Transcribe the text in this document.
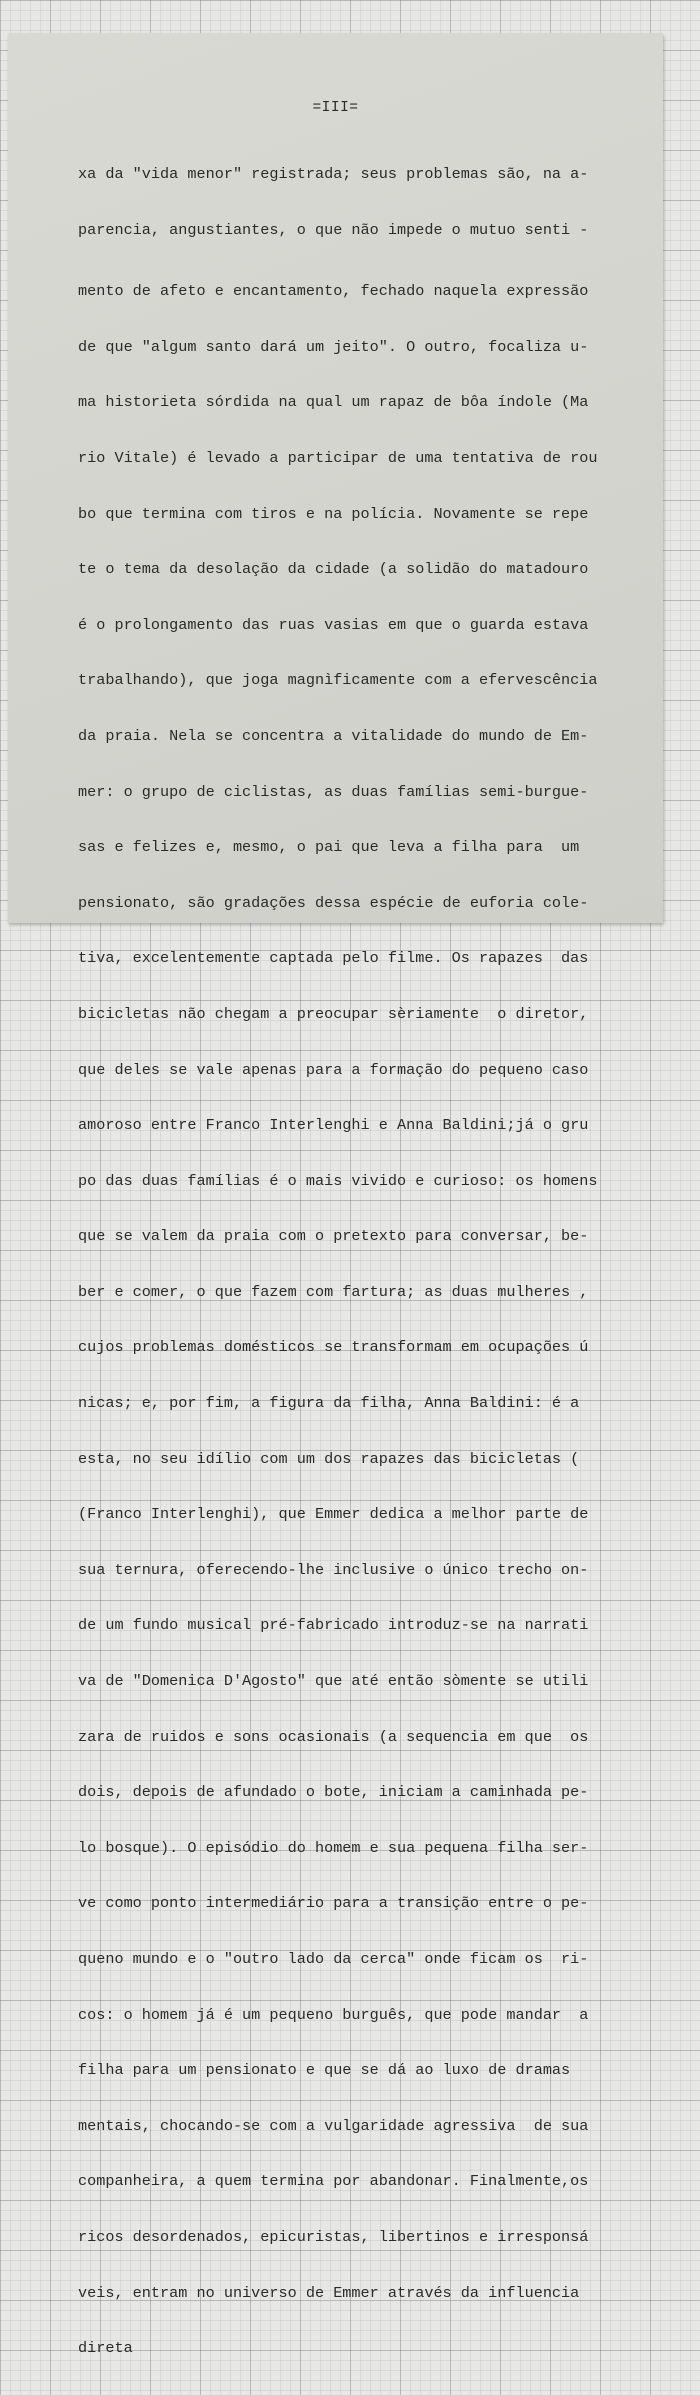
=III=

xa da "vida menor" registrada; seus problemas são, na a-

parencia, angustiantes, o que não impede o mutuo senti -

mento de afeto e encantamento, fechado naquela expressão

de que "algum santo dará um jeito". O outro, focaliza u-

ma historieta sórdida na qual um rapaz de bôa índole (Ma

rio Vitale) é levado a participar de uma tentativa de rou

bo que termina com tiros e na polícia. Novamente se repe

te o tema da desolação da cidade (a solidão do matadouro

é o prolongamento das ruas vasias em que o guarda estava

trabalhando), que joga magnìficamente com a efervescência

da praia. Nela se concentra a vitalidade do mundo de Em-

mer: o grupo de ciclistas, as duas famílias semi-burgue-

sas e felizes e, mesmo, o pai que leva a filha para  um

pensionato, são gradações dessa espécie de euforia cole-

tiva, excelentemente captada pelo filme. Os rapazes  das

bicicletas não chegam a preocupar sèriamente  o diretor,

que deles se vale apenas para a formação do pequeno caso

amoroso entre Franco Interlenghi e Anna Baldini;já o gru

po das duas famílias é o mais vivido e curioso: os homens

que se valem da praia com o pretexto para conversar, be-

ber e comer, o que fazem com fartura; as duas mulheres ,

cujos problemas domésticos se transformam em ocupações ú

nicas; e, por fim, a figura da filha, Anna Baldini: é a

esta, no seu idílio com um dos rapazes das bicicletas (

(Franco Interlenghi), que Emmer dedica a melhor parte de

sua ternura, oferecendo-lhe inclusive o único trecho on-

de um fundo musical pré-fabricado introduz-se na narrati

va de "Domenica D'Agosto" que até então sòmente se utili

zara de ruidos e sons ocasionais (a sequencia em que  os

dois, depois de afundado o bote, iniciam a caminhada pe-

lo bosque). O episódio do homem e sua pequena filha ser-

ve como ponto intermediário para a transição entre o pe-

queno mundo e o "outro lado da cerca" onde ficam os  ri-

cos: o homem já é um pequeno burguês, que pode mandar  a

filha para um pensionato e que se dá ao luxo de dramas

mentais, chocando-se com a vulgaridade agressiva  de sua

companheira, a quem termina por abandonar. Finalmente,os

ricos desordenados, epicuristas, libertinos e irresponsá

veis, entram no universo de Emmer através da influencia

direta
